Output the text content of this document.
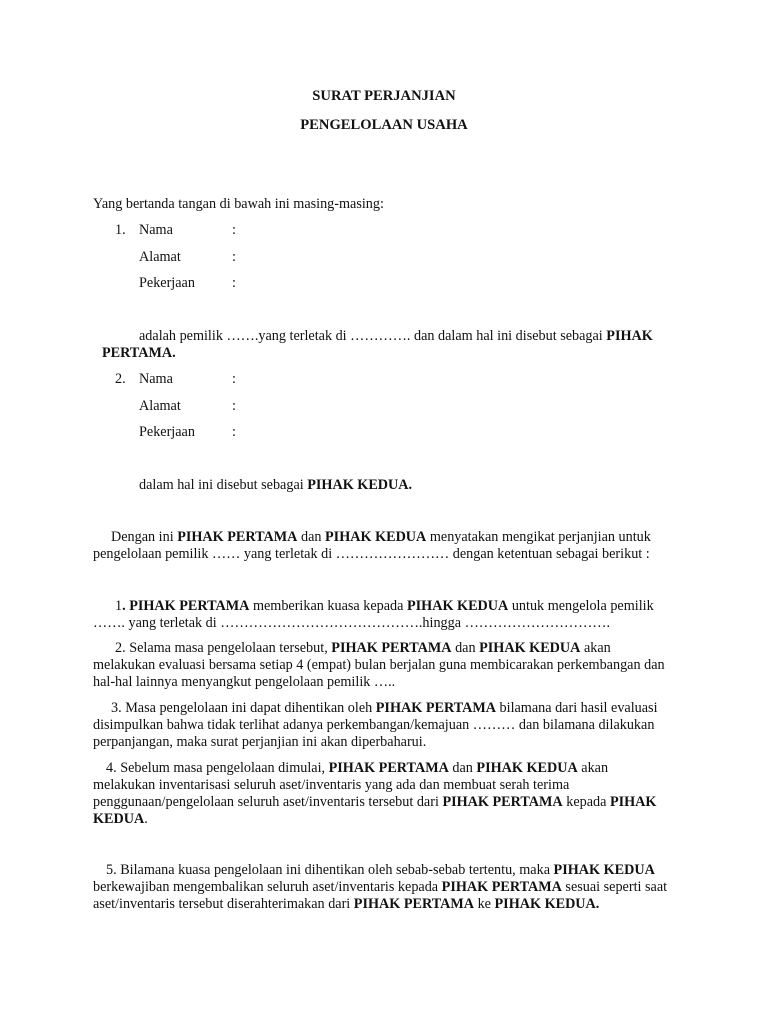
SURAT PERJANJIAN
PENGELOLAAN USAHA
Yang bertanda tangan di bawah ini masing-masing:
1. Nama	:
Alamat	:
Pekerjaan	:
adalah pemilik …….yang terletak di …………. dan dalam hal ini disebut sebagai PIHAK
PERTAMA.
2. Nama	:
Alamat	:
Pekerjaan	:
dalam hal ini disebut sebagai PIHAK KEDUA.
Dengan ini PIHAK PERTAMA dan PIHAK KEDUA menyatakan mengikat perjanjian untuk
pengelolaan pemilik …… yang terletak di …………………… dengan ketentuan sebagai berikut :
1. PIHAK PERTAMA memberikan kuasa kepada PIHAK KEDUA untuk mengelola pemilik
……. yang terletak di …………………………………….hingga ………………………….
2. Selama masa pengelolaan tersebut, PIHAK PERTAMA dan PIHAK KEDUA akan
melakukan evaluasi bersama setiap 4 (empat) bulan berjalan guna membicarakan perkembangan dan
hal-hal lainnya menyangkut pengelolaan pemilik …..
3. Masa pengelolaan ini dapat dihentikan oleh PIHAK PERTAMA bilamana dari hasil evaluasi
disimpulkan bahwa tidak terlihat adanya perkembangan/kemajuan ……… dan bilamana dilakukan
perpanjangan, maka surat perjanjian ini akan diperbaharui.
4. Sebelum masa pengelolaan dimulai, PIHAK PERTAMA dan PIHAK KEDUA akan
melakukan inventarisasi seluruh aset/inventaris yang ada dan membuat serah terima
penggunaan/pengelolaan seluruh aset/inventaris tersebut dari PIHAK PERTAMA kepada PIHAK
KEDUA.
5. Bilamana kuasa pengelolaan ini dihentikan oleh sebab-sebab tertentu, maka PIHAK KEDUA
berkewajiban mengembalikan seluruh aset/inventaris kepada PIHAK PERTAMA sesuai seperti saat
aset/inventaris tersebut diserahterimakan dari PIHAK PERTAMA ke PIHAK KEDUA.
